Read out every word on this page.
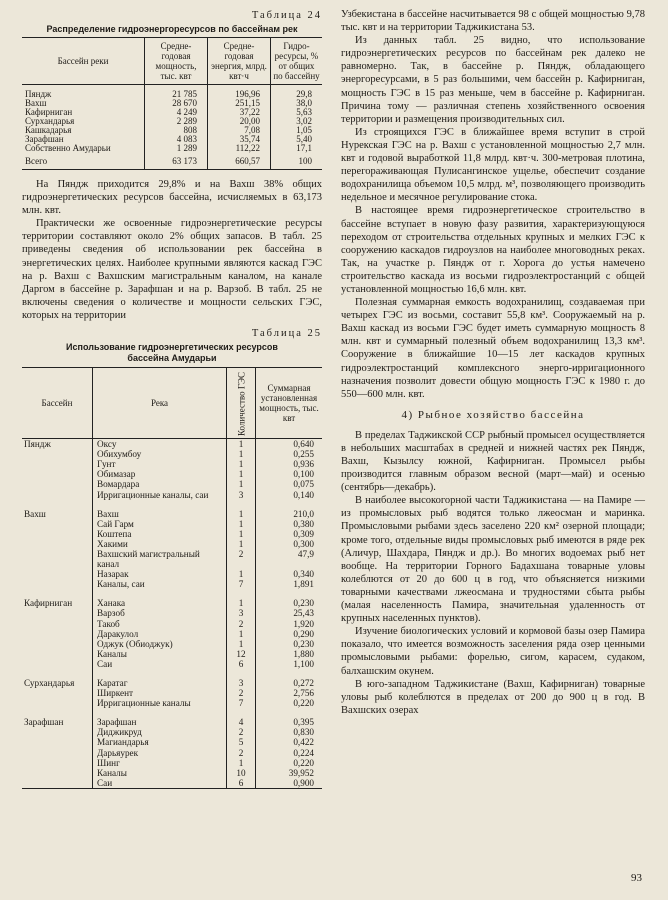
Таблица 24
Распределение гидроэнергоресурсов по бассейнам рек
Бассейн реки	Средне-годовая мощность, тыс. квт	Средне-годовая энергия, млрд. квт·ч	Гидро-ресурсы, % от общих по бассейну
Пяндж	21 785	196,96	29,8
Вахш	28 670	251,15	38,0
Кафирниган	4 249	37,22	5,63
Сурхандарья	2 289	20,00	3,02
Кашкадарья	808	7,08	1,05
Зарафшан	4 083	35,74	5,40
Собственно Амударьи	1 289	112,22	17,1
Всего	63 173	660,57	100

На Пяндж приходится 29,8% и на Вахш 38% общих гидроэнергетических ресурсов бассейна, исчисляемых в 63,173 млн. квт.

Практически же освоенные гидроэнергетические ресурсы территории составляют около 2% общих запасов. В табл. 25 приведены сведения об использовании рек бассейна в энергетических целях. Наиболее крупными являются каскад ГЭС на р. Вахш с Вахшским магистральным каналом, на канале Даргом в бассейне р. Зарафшан и на р. Варзоб. В табл. 25 не включены сведения о количестве и мощности сельских ГЭС, которых на территории

Таблица 25
Использование гидроэнергетических ресурсов
бассейна Амударьи
Бассейн	Река	Количество ГЭС	Суммарная установленная мощность, тыс. квт
Пяндж	Оксу	1	0,640
	Обихумбоу	1	0,255
	Гунт	1	0,936
	Обимазар	1	0,100
	Вомардара	1	0,075
	Ирригационные каналы, саи	3	0,140
Вахш	Вахш	1	210,0
	Сай Гарм	1	0,380
	Коштепа	1	0,309
	Хакими	1	0,300
	Вахшский магистральный канал	2	47,9
	Назарак	1	0,340
	Каналы, саи	7	1,891
Кафирниган	Ханака	1	0,230
	Варзоб	3	25,43
	Такоб	2	1,920
	Даракулол	1	0,290
	Оджук (Обиоджук)	1	0,230
	Каналы	12	1,880
	Саи	6	1,100
Сурхандарья	Каратаг	3	0,272
	Ширкент	2	2,756
	Ирригационные каналы	7	0,220
Зарафшан	Зарафшан	4	0,395
	Диджикруд	2	0,830
	Магиандарья	5	0,422
	Дарьяурек	2	0,224
	Шинг	1	0,220
	Каналы	10	39,952
	Саи	6	0,900

Узбекистана в бассейне насчитывается 98 с общей мощностью 9,78 тыс. квт и на территории Таджикистана 53.

Из данных табл. 25 видно, что использование гидроэнергетических ресурсов по бассейнам рек далеко не равномерно. Так, в бассейне р. Пяндж, обладающего энергоресурсами, в 5 раз большими, чем бассейн р. Кафирниган, мощность ГЭС в 15 раз меньше, чем в бассейне р. Кафирниган. Причина тому — различная степень хозяйственного освоения территории и размещения производительных сил.

Из строящихся ГЭС в ближайшее время вступит в строй Нурекская ГЭС на р. Вахш с установленной мощностью 2,7 млн. квт и годовой выработкой 11,8 млрд. квт·ч. 300-метровая плотина, перегораживающая Пулисангинское ущелье, обеспечит создание водохранилища объемом 10,5 млрд. м³, позволяющего производить недельное и месячное регулирование стока.

В настоящее время гидроэнергетическое строительство в бассейне вступает в новую фазу развития, характеризующуюся переходом от строительства отдельных крупных и мелких ГЭС к сооружению каскадов гидроузлов на наиболее многоводных реках. Так, на участке р. Пяндж от г. Хорога до устья намечено строительство каскада из восьми гидроэлектростанций с общей установленной мощностью 16,6 млн. квт.

Полезная суммарная емкость водохранилищ, создаваемая при четырех ГЭС из восьми, составит 55,8 км³. Сооружаемый на р. Вахш каскад из восьми ГЭС будет иметь суммарную мощность 8 млн. квт и суммарный полезный объем водохранилищ 13,3 км³. Сооружение в ближайшие 10—15 лет каскадов крупных гидроэлектростанций комплексного энерго-ирригационного назначения позволит довести общую мощность ГЭС к 1980 г. до 550—600 млн. квт.

4) Рыбное хозяйство бассейна

В пределах Таджикской ССР рыбный промысел осуществляется в небольших масштабах в средней и нижней частях рек Пяндж, Вахш, Кызылсу южной, Кафирниган. Промысел рыбы производится главным образом весной (март—май) и осенью (сентябрь—декабрь).

В наиболее высокогорной части Таджикистана — на Памире — из промысловых рыб водятся только лжеосман и маринка. Промысловыми рыбами здесь заселено 220 км² озерной площади; кроме того, отдельные виды промысловых рыб имеются в ряде рек (Аличур, Шахдара, Пяндж и др.). Во многих водоемах рыб нет вообще. На территории Горного Бадахшана товарные уловы колеблются от 20 до 600 ц в год, что объясняется низкими товарными качествами лжеосмана и трудностями сбыта рыбы (малая населенность Памира, значительная удаленность от крупных населенных пунктов).

Изучение биологических условий и кормовой базы озер Памира показало, что имеется возможность заселения ряда озер ценными промысловыми рыбами: форелью, сигом, карасем, судаком, балхашским окунем.

В юго-западном Таджикистане (Вахш, Кафирниган) товарные уловы рыб колеблются в пределах от 200 до 900 ц в год. В Вахшских озерах

93
